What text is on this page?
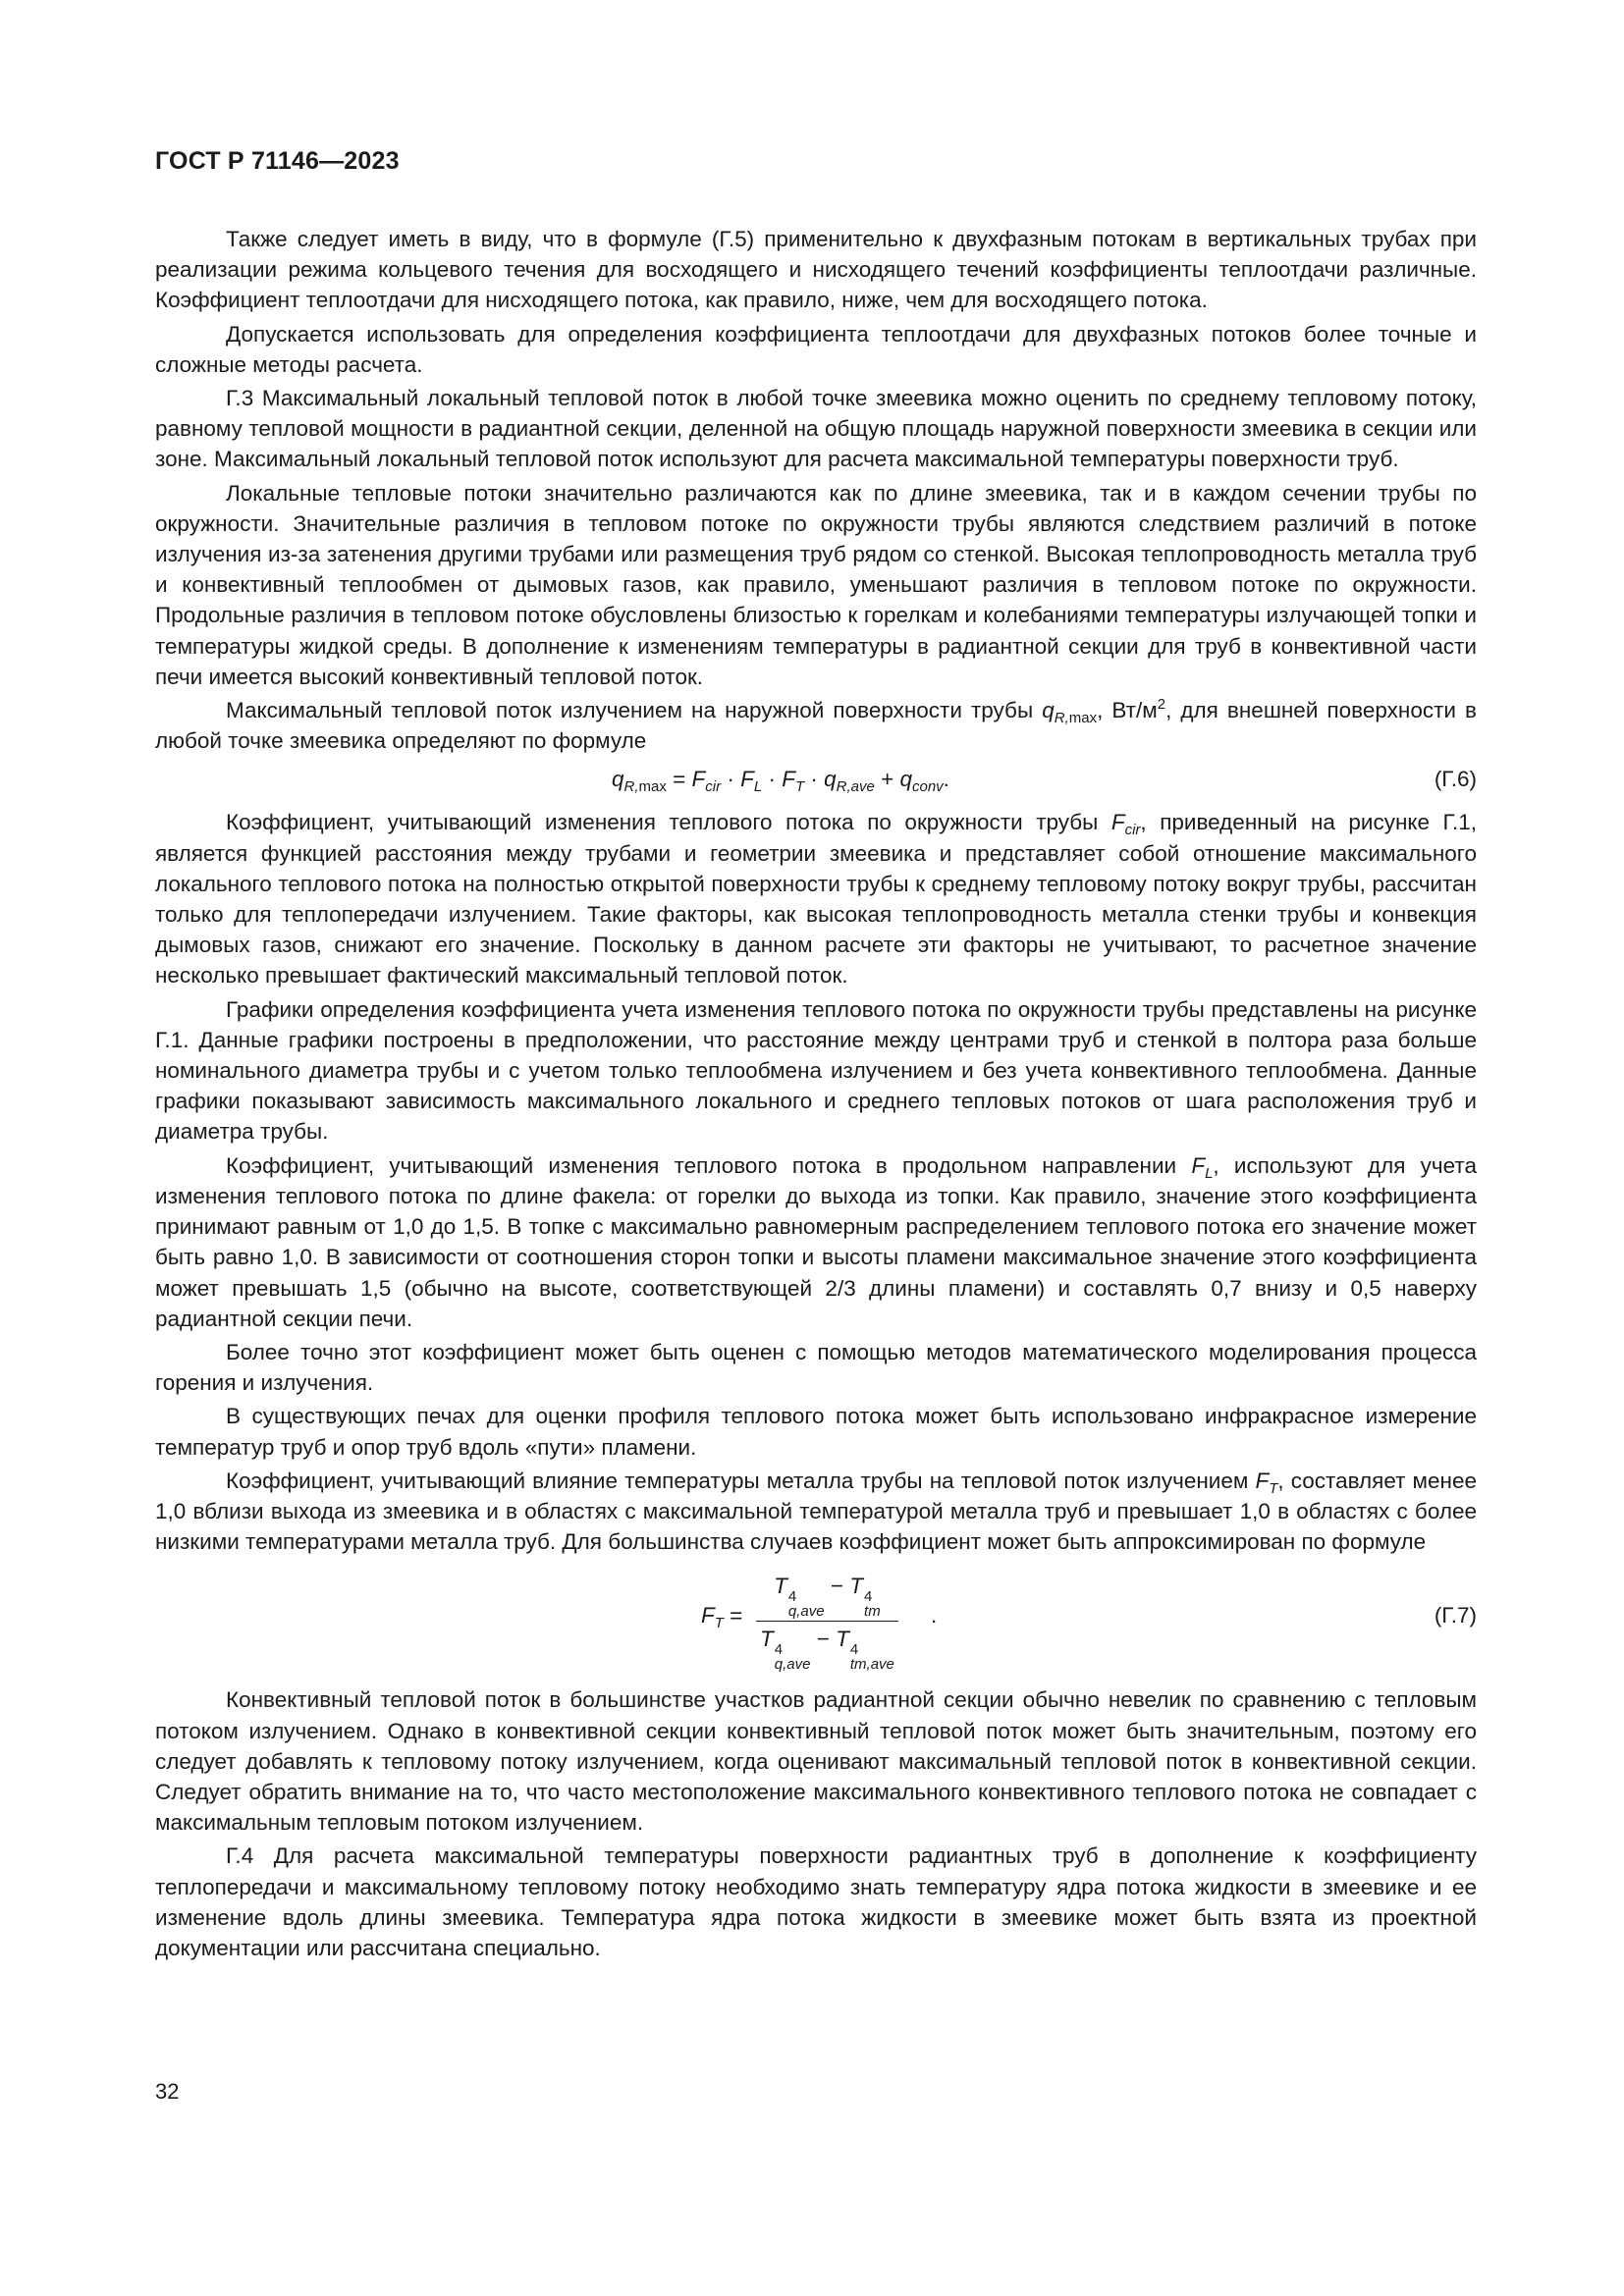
ГОСТ Р 71146—2023

Также следует иметь в виду, что в формуле (Г.5) применительно к двухфазным потокам в вертикальных трубах при реализации режима кольцевого течения для восходящего и нисходящего течений коэффициенты теплоотдачи различные. Коэффициент теплоотдачи для нисходящего потока, как правило, ниже, чем для восходящего потока.

Допускается использовать для определения коэффициента теплоотдачи для двухфазных потоков более точные и сложные методы расчета.

Г.3 Максимальный локальный тепловой поток в любой точке змеевика можно оценить по среднему тепловому потоку, равному тепловой мощности в радиантной секции, деленной на общую площадь наружной поверхности змеевика в секции или зоне. Максимальный локальный тепловой поток используют для расчета максимальной температуры поверхности труб.

Локальные тепловые потоки значительно различаются как по длине змеевика, так и в каждом сечении трубы по окружности. Значительные различия в тепловом потоке по окружности трубы являются следствием различий в потоке излучения из-за затенения другими трубами или размещения труб рядом со стенкой. Высокая теплопроводность металла труб и конвективный теплообмен от дымовых газов, как правило, уменьшают различия в тепловом потоке по окружности. Продольные различия в тепловом потоке обусловлены близостью к горелкам и колебаниями температуры излучающей топки и температуры жидкой среды. В дополнение к изменениям температуры в радиантной секции для труб в конвективной части печи имеется высокий конвективный тепловой поток.

Максимальный тепловой поток излучением на наружной поверхности трубы $q_{R,max}$, $Вт/м^2$, для внешней поверхности в любой точке змеевика определяют по формуле

$q_{R,max} = F_{cir} \cdot F_L \cdot F_T \cdot q_{R,ave} + q_{conv}$.	(Г.6)

Коэффициент, учитывающий изменения теплового потока по окружности трубы $F_{cir}$, приведенный на рисунке Г.1, является функцией расстояния между трубами и геометрии змеевика и представляет собой отношение максимального локального теплового потока на полностью открытой поверхности трубы к среднему тепловому потоку вокруг трубы, рассчитан только для теплопередачи излучением. Такие факторы, как высокая теплопроводность металла стенки трубы и конвекция дымовых газов, снижают его значение. Поскольку в данном расчете эти факторы не учитывают, то расчетное значение несколько превышает фактический максимальный тепловой поток.

Графики определения коэффициента учета изменения теплового потока по окружности трубы представлены на рисунке Г.1. Данные графики построены в предположении, что расстояние между центрами труб и стенкой в полтора раза больше номинального диаметра трубы и с учетом только теплообмена излучением и без учета конвективного теплообмена. Данные графики показывают зависимость максимального локального и среднего тепловых потоков от шага расположения труб и диаметра трубы.

Коэффициент, учитывающий изменения теплового потока в продольном направлении $F_L$, используют для учета изменения теплового потока по длине факела: от горелки до выхода из топки. Как правило, значение этого коэффициента принимают равным от 1,0 до 1,5. В топке с максимально равномерным распределением теплового потока его значение может быть равно 1,0. В зависимости от соотношения сторон топки и высоты пламени максимальное значение этого коэффициента может превышать 1,5 (обычно на высоте, соответствующей 2/3 длины пламени) и составлять 0,7 внизу и 0,5 наверху радиантной секции печи.

Более точно этот коэффициент может быть оценен с помощью методов математического моделирования процесса горения и излучения.

В существующих печах для оценки профиля теплового потока может быть использовано инфракрасное измерение температур труб и опор труб вдоль «пути» пламени.

Коэффициент, учитывающий влияние температуры металла трубы на тепловой поток излучением $F_T$, составляет менее 1,0 вблизи выхода из змеевика и в областях с максимальной температурой металла труб и превышает 1,0 в областях с более низкими температурами металла труб. Для большинства случаев коэффициент может быть аппроксимирован по формуле

$F_T$ =
T 4
q,ave
− T 4
tm
T 4
q,ave
− T 4
tm,ave
.	(Г.7)

Конвективный тепловой поток в большинстве участков радиантной секции обычно невелик по сравнению с тепловым потоком излучением. Однако в конвективной секции конвективный тепловой поток может быть значительным, поэтому его следует добавлять к тепловому потоку излучением, когда оценивают максимальный тепловой поток в конвективной секции. Следует обратить внимание на то, что часто местоположение максимального конвективного теплового потока не совпадает с максимальным тепловым потоком излучением.

Г.4 Для расчета максимальной температуры поверхности радиантных труб в дополнение к коэффициенту теплопередачи и максимальному тепловому потоку необходимо знать температуру ядра потока жидкости в змеевике и ее изменение вдоль длины змеевика. Температура ядра потока жидкости в змеевике может быть взята из проектной документации или рассчитана специально.

32
